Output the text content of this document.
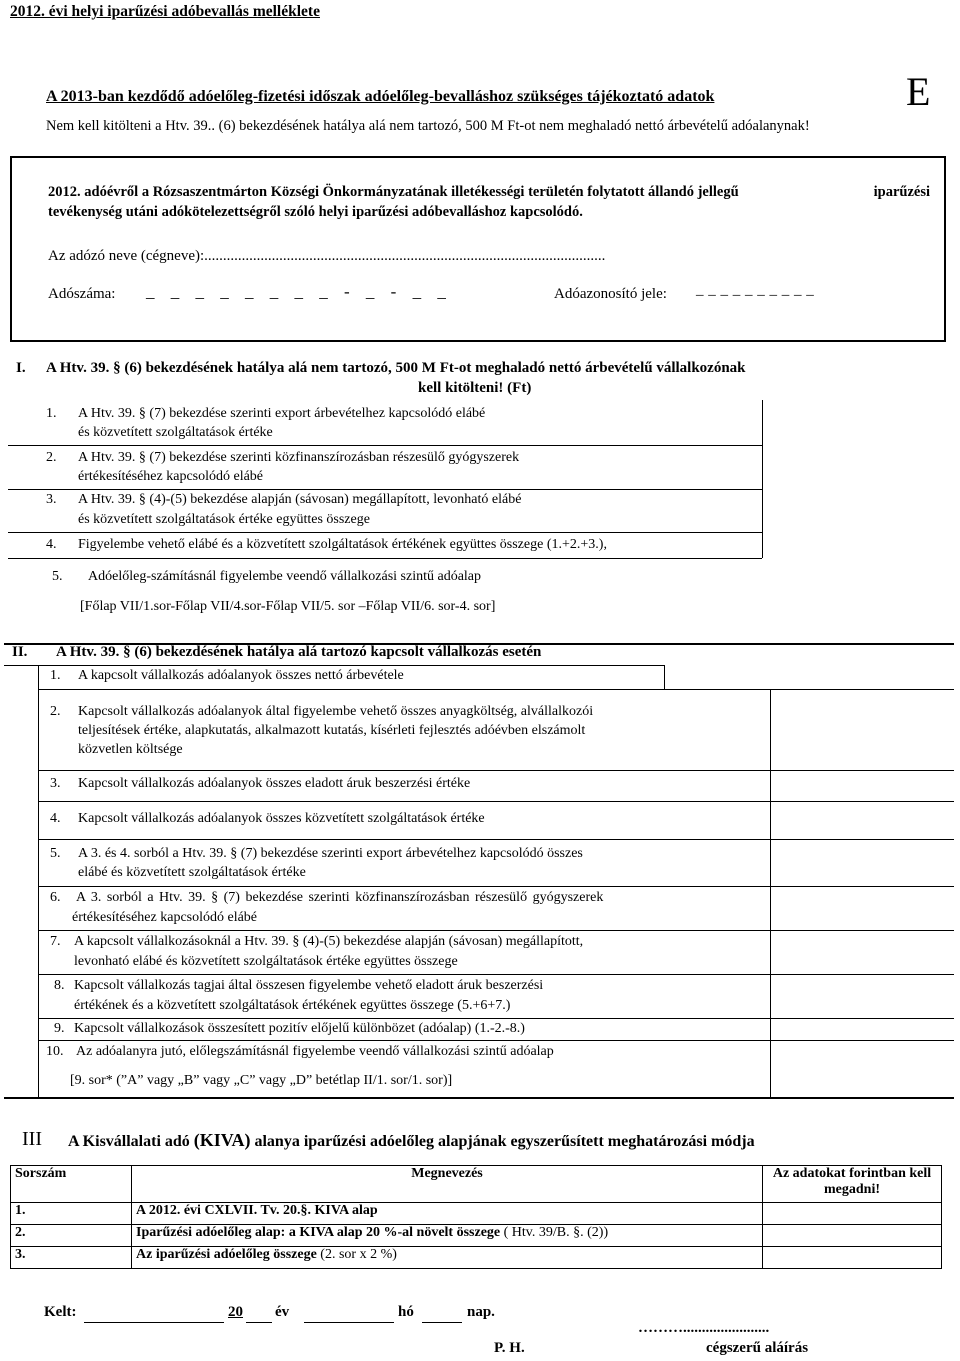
2012. évi helyi iparűzési adóbevallás melléklete
A 2013-ban kezdődő adóelőleg-fizetési időszak adóelőleg-bevalláshoz szükséges tájékoztató adatok	E
Nem kell kitölteni a Htv. 39.. (6) bekezdésének hatálya alá nem tartozó, 500 M Ft-ot nem meghaladó nettó árbevételű adóalanynak!
2012. adóévről a Rózsaszentmárton Községi Önkormányzatának illetékességi területén folytatott állandó jellegű	iparűzési
tevékenység utáni adókötelezettségről szóló helyi iparűzési adóbevalláshoz kapcsolódó.
Az adózó neve (cégneve):...........................................................................................................
Adószáma: _ _ _ _ _ _ _ _ - _ - _ _	Adóazonosító jele: _ _ _ _ _ _ _ _ _ _
I. A Htv. 39. § (6) bekezdésének hatálya alá nem tartozó, 500 M Ft-ot meghaladó nettó árbevételű vállalkozónak
kell kitölteni! (Ft)
1. A Htv. 39. § (7) bekezdése szerinti export árbevételhez kapcsolódó elábé
és közvetített szolgáltatások értéke
2. A Htv. 39. § (7) bekezdése szerinti közfinanszírozásban részesülő gyógyszerek
értékesítéséhez kapcsolódó elábé
3. A Htv. 39. § (4)-(5) bekezdése alapján (sávosan) megállapított, levonható elábé
és közvetített szolgáltatások értéke együttes összege
4. Figyelembe vehető elábé és a közvetített szolgáltatások értékének együttes összege (1.+2.+3.),
5. Adóelőleg-számításnál figyelembe veendő vállalkozási szintű adóalap
[Főlap VII/1.sor-Főlap VII/4.sor-Főlap VII/5. sor –Főlap VII/6. sor-4. sor]
II. A Htv. 39. § (6) bekezdésének hatálya alá tartozó kapcsolt vállalkozás esetén
1. A kapcsolt vállalkozás adóalanyok összes nettó árbevétele
2. Kapcsolt vállalkozás adóalanyok által figyelembe vehető összes anyagköltség, alvállalkozói
teljesítések értéke, alapkutatás, alkalmazott kutatás, kísérleti fejlesztés adóévben elszámolt
közvetlen költsége
3. Kapcsolt vállalkozás adóalanyok összes eladott áruk beszerzési értéke
4. Kapcsolt vállalkozás adóalanyok összes közvetített szolgáltatások értéke
5. A 3. és 4. sorból a Htv. 39. § (7) bekezdése szerinti export árbevételhez kapcsolódó összes
elábé és közvetített szolgáltatások értéke
6. A 3. sorból a Htv. 39. § (7) bekezdése szerinti közfinanszírozásban részesülő gyógyszerek
értékesítéséhez kapcsolódó elábé
7. A kapcsolt vállalkozásoknál a Htv. 39. § (4)-(5) bekezdése alapján (sávosan) megállapított,
levonható elábé és közvetített szolgáltatások értéke együttes összege
8. Kapcsolt vállalkozás tagjai által összesen figyelembe vehető eladott áruk beszerzési
értékének és a közvetített szolgáltatások értékének együttes összege (5.+6+7.)
9. Kapcsolt vállalkozások összesített pozitív előjelű különbözet (adóalap) (1.-2.-8.)
10. Az adóalanyra jutó, előlegszámításnál figyelembe veendő vállalkozási szintű adóalap
[9. sor* (”A” vagy „B” vagy „C” vagy „D” betétlap II/1. sor/1. sor)]
III A Kisvállalati adó (KIVA) alanya iparűzési adóelőleg alapjának egyszerűsített meghatározási módja
Sorszám	Megnevezés	Az adatokat forintban kell megadni!
1.	A 2012. évi CXLVII. Tv. 20.§. KIVA alap	
2.	Iparűzési adóelőleg alap: a KIVA alap 20 %-al növelt összege ( Htv. 39/B. §. (2))	
3.	Az iparűzési adóelőleg összege (2. sor x 2 %)	
Kelt:	20 év	hó	nap.
……….......................
P. H.	cégszerű aláírás
